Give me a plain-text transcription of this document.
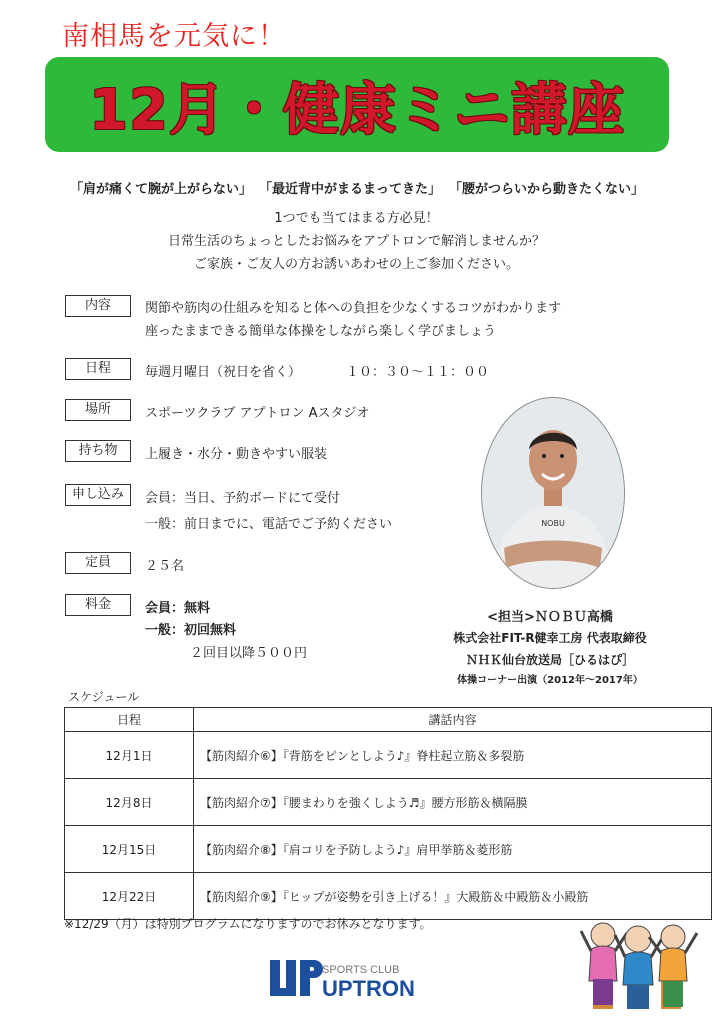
南相馬を元気に！
12月・健康ミニ講座
「肩が痛くて腕が上がらない」 「最近背中がまるまってきた」 「腰がつらいから動きたくない」
1つでも当てはまる方必見！
日常生活のちょっとしたお悩みをアプトロンで解消しませんか？
ご家族・ご友人の方お誘いあわせの上ご参加ください。
内容	関節や筋肉の仕組みを知ると体への負担を少なくするコツがわかります
座ったままできる簡単な体操をしながら楽しく学びましょう
日程	毎週月曜日（祝日を省く）	１０：３０～１１：００
場所	スポーツクラブ アプトロン Aスタジオ
持ち物	上履き・水分・動きやすい服装
申し込み	会員：当日、予約ボードにて受付
一般：前日までに、電話でご予約ください
定員	２５名
料金	会員：無料
一般：初回無料
２回目以降５００円
NOBU
<担当>ＮＯＢＵ高橋
株式会社FIT-R健幸工房 代表取締役
ＮＨＫ仙台放送局［ひるはぴ］
体操コーナー出演（2012年～2017年）
スケジュール
日程	講話内容
12月1日	【筋肉紹介⑥】『背筋をピンとしよう♪』脊柱起立筋＆多裂筋
12月8日	【筋肉紹介⑦】『腰まわりを強くしよう♬』腰方形筋＆横隔膜
12月15日	【筋肉紹介⑧】『肩コリを予防しよう♪』肩甲挙筋＆菱形筋
12月22日	【筋肉紹介⑨】『ヒップが姿勢を引き上げる！』大殿筋＆中殿筋＆小殿筋
※12/29（月）は特別プログラムになりますのでお休みとなります。
SPORTS CLUB
UPTRON
